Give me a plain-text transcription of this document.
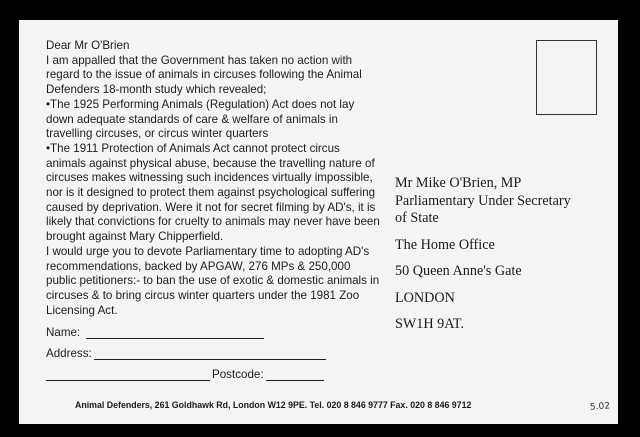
Dear Mr O'Brien

I am appalled that the Government has taken no action with regard to the issue of animals in circuses following the Animal Defenders 18-month study which revealed;

•The 1925 Performing Animals (Regulation) Act does not lay down adequate standards of care & welfare of animals in travelling circuses, or circus winter quarters

•The 1911 Protection of Animals Act cannot protect circus animals against physical abuse, because the travelling nature of circuses makes witnessing such incidences virtually impossible, nor is it designed to protect them against psychological suffering caused by deprivation. Were it not for secret filming by AD's, it is likely that convictions for cruelty to animals may never have been brought against Mary Chipperfield.

I would urge you to devote Parliamentary time to adopting AD's recommendations, backed by APGAW, 276 MPs & 250,000 public petitioners:- to ban the use of exotic & domestic animals in circuses & to bring circus winter quarters under the 1981 Zoo Licensing Act.

Name:
Address:
Postcode:
Mr Mike O'Brien, MP
Parliamentary Under Secretary
of State
The Home Office
50 Queen Anne's Gate
LONDON
SW1H 9AT.
Animal Defenders, 261 Goldhawk Rd, London W12 9PE. Tel. 020 8 846 9777 Fax. 020 8 846 9712	5.02
